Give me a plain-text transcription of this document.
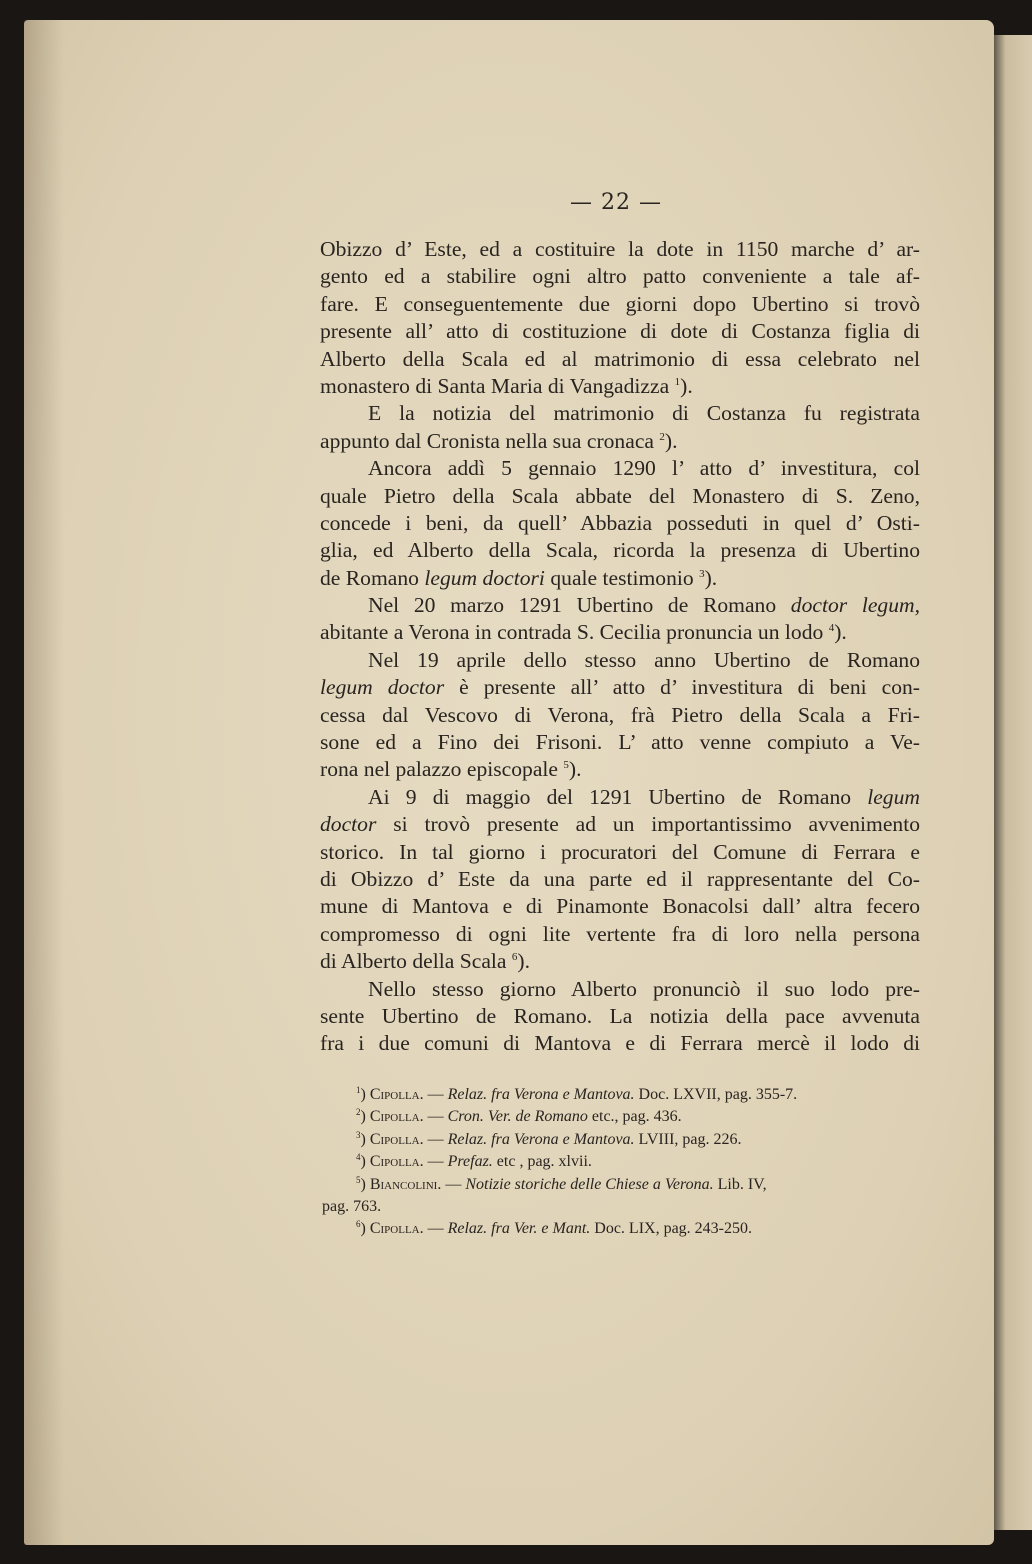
— 22 —
Obizzo d’ Este, ed a costituire la dote in 1150 marche d’ ar-
gento ed a stabilire ogni altro patto conveniente a tale af-
fare. E conseguentemente due giorni dopo Ubertino si trovò
presente all’ atto di costituzione di dote di Costanza figlia di
Alberto della Scala ed al matrimonio di essa celebrato nel
monastero di Santa Maria di Vangadizza $^1$).
E la notizia del matrimonio di Costanza fu registrata
appunto dal Cronista nella sua cronaca $^2$).
Ancora addì 5 gennaio 1290 l’ atto d’ investitura, col
quale Pietro della Scala abbate del Monastero di S. Zeno,
concede i beni, da quell’ Abbazia posseduti in quel d’ Osti-
glia, ed Alberto della Scala, ricorda la presenza di Ubertino
de Romano legum doctori quale testimonio $^3$).
Nel 20 marzo 1291 Ubertino de Romano doctor legum,
abitante a Verona in contrada S. Cecilia pronuncia un lodo $^4$).
Nel 19 aprile dello stesso anno Ubertino de Romano
legum doctor è presente all’ atto d’ investitura di beni con-
cessa dal Vescovo di Verona, frà Pietro della Scala a Fri-
sone ed a Fino dei Frisoni. L’ atto venne compiuto a Ve-
rona nel palazzo episcopale $^5$).
Ai 9 di maggio del 1291 Ubertino de Romano legum
doctor si trovò presente ad un importantissimo avvenimento
storico. In tal giorno i procuratori del Comune di Ferrara e
di Obizzo d’ Este da una parte ed il rappresentante del Co-
mune di Mantova e di Pinamonte Bonacolsi dall’ altra fecero
compromesso di ogni lite vertente fra di loro nella persona
di Alberto della Scala $^6$).
Nello stesso giorno Alberto pronunciò il suo lodo pre-
sente Ubertino de Romano. La notizia della pace avvenuta
fra i due comuni di Mantova e di Ferrara mercè il lodo di
$^1$) Cipolla. — Relaz. fra Verona e Mantova. Doc. LXVII, pag. 355-7.
$^2$) Cipolla. — Cron. Ver. de Romano etc., pag. 436.
$^3$) Cipolla. — Relaz. fra Verona e Mantova. LVIII, pag. 226.
$^4$) Cipolla. — Prefaz. etc , pag. xlvii.
$^5$) Biancolini. — Notizie storiche delle Chiese a Verona. Lib. IV,
pag. 763.
$^6$) Cipolla. — Relaz. fra Ver. e Mant. Doc. LIX, pag. 243-250.
